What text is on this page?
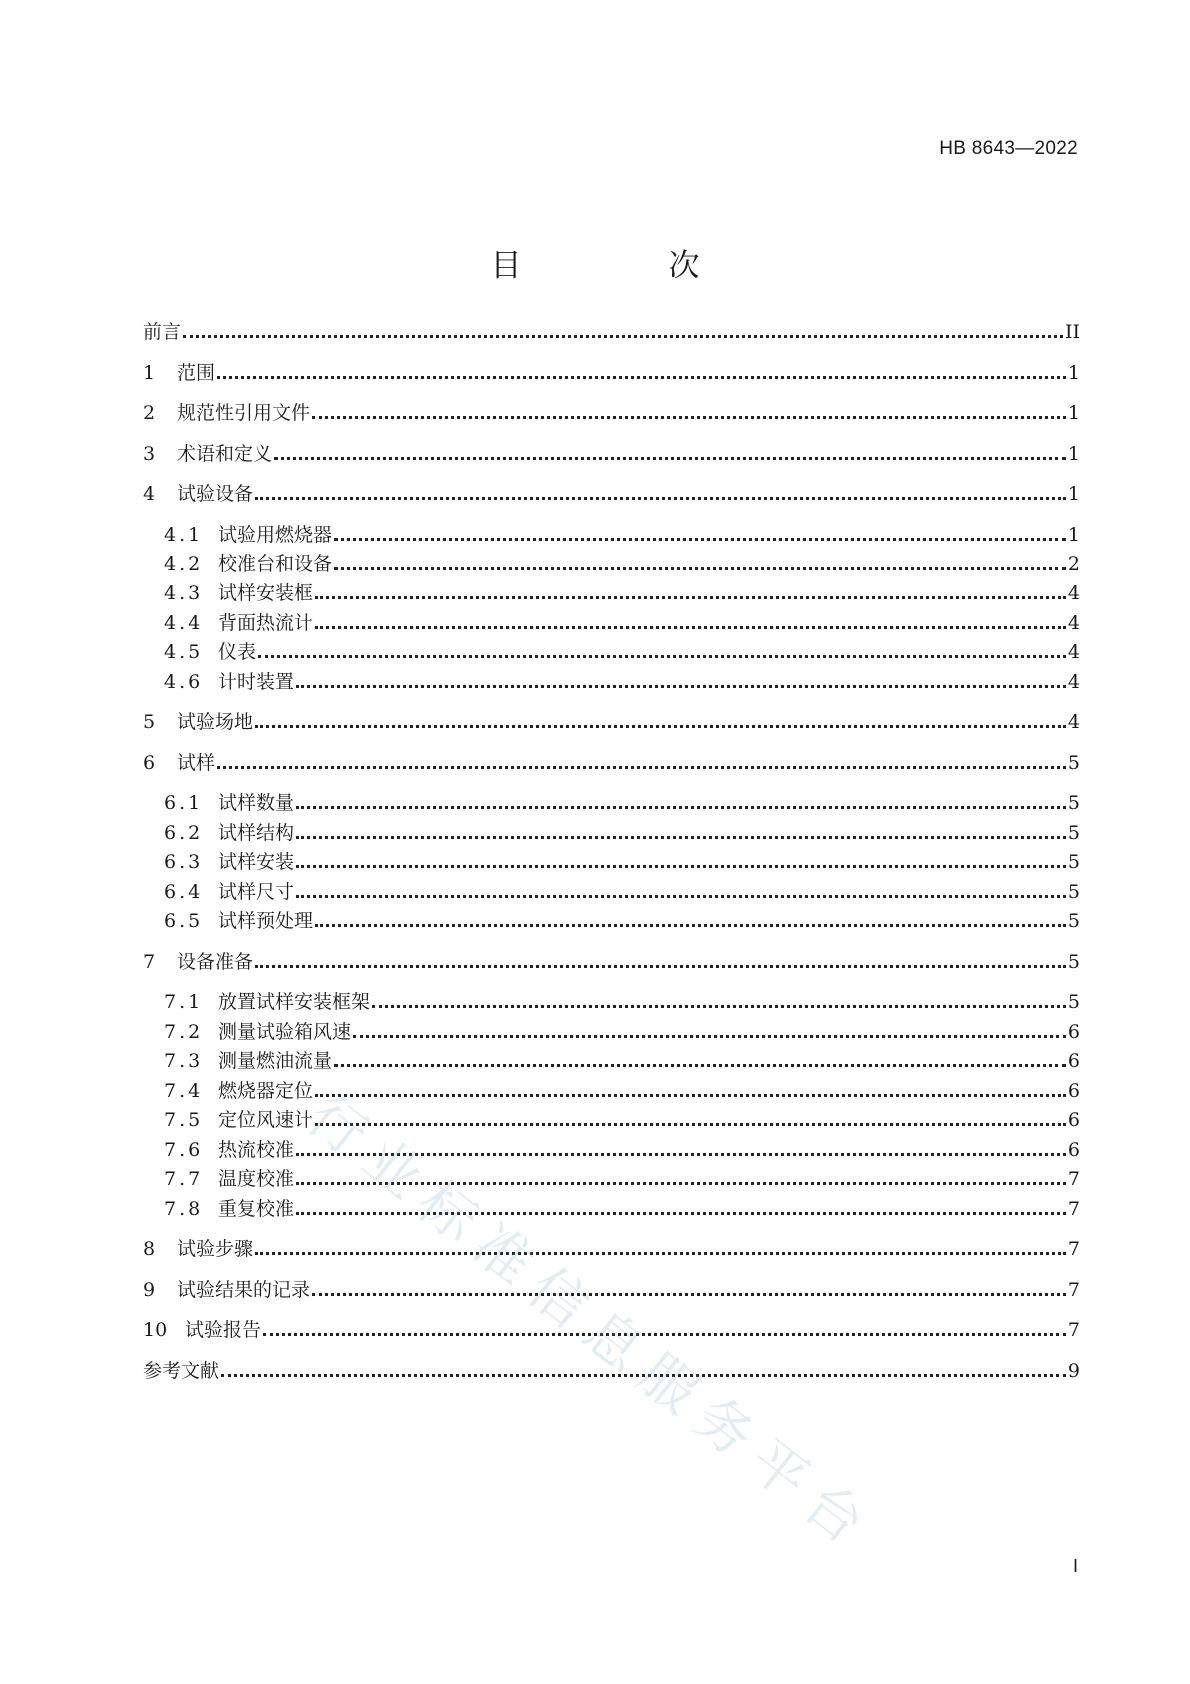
HB 8643—2022
目　次
前言	II
1	范围	1
2	规范性引用文件	1
3	术语和定义	1
4	试验设备	1
4.1 试验用燃烧器	1
4.2 校准台和设备	2
4.3 试样安装框	4
4.4 背面热流计	4
4.5 仪表	4
4.6 计时装置	4
5	试验场地	4
6	试样	5
6.1 试样数量	5
6.2 试样结构	5
6.3 试样安装	5
6.4 试样尺寸	5
6.5 试样预处理	5
7	设备准备	5
7.1 放置试样安装框架	5
7.2 测量试验箱风速	6
7.3 测量燃油流量	6
7.4 燃烧器定位	6
7.5 定位风速计	6
7.6 热流校准	6
7.7 温度校准	7
7.8 重复校准	7
8	试验步骤	7
9	试验结果的记录	7
10 试验报告	7
参考文献	9
行业标准信息服务平台
I
